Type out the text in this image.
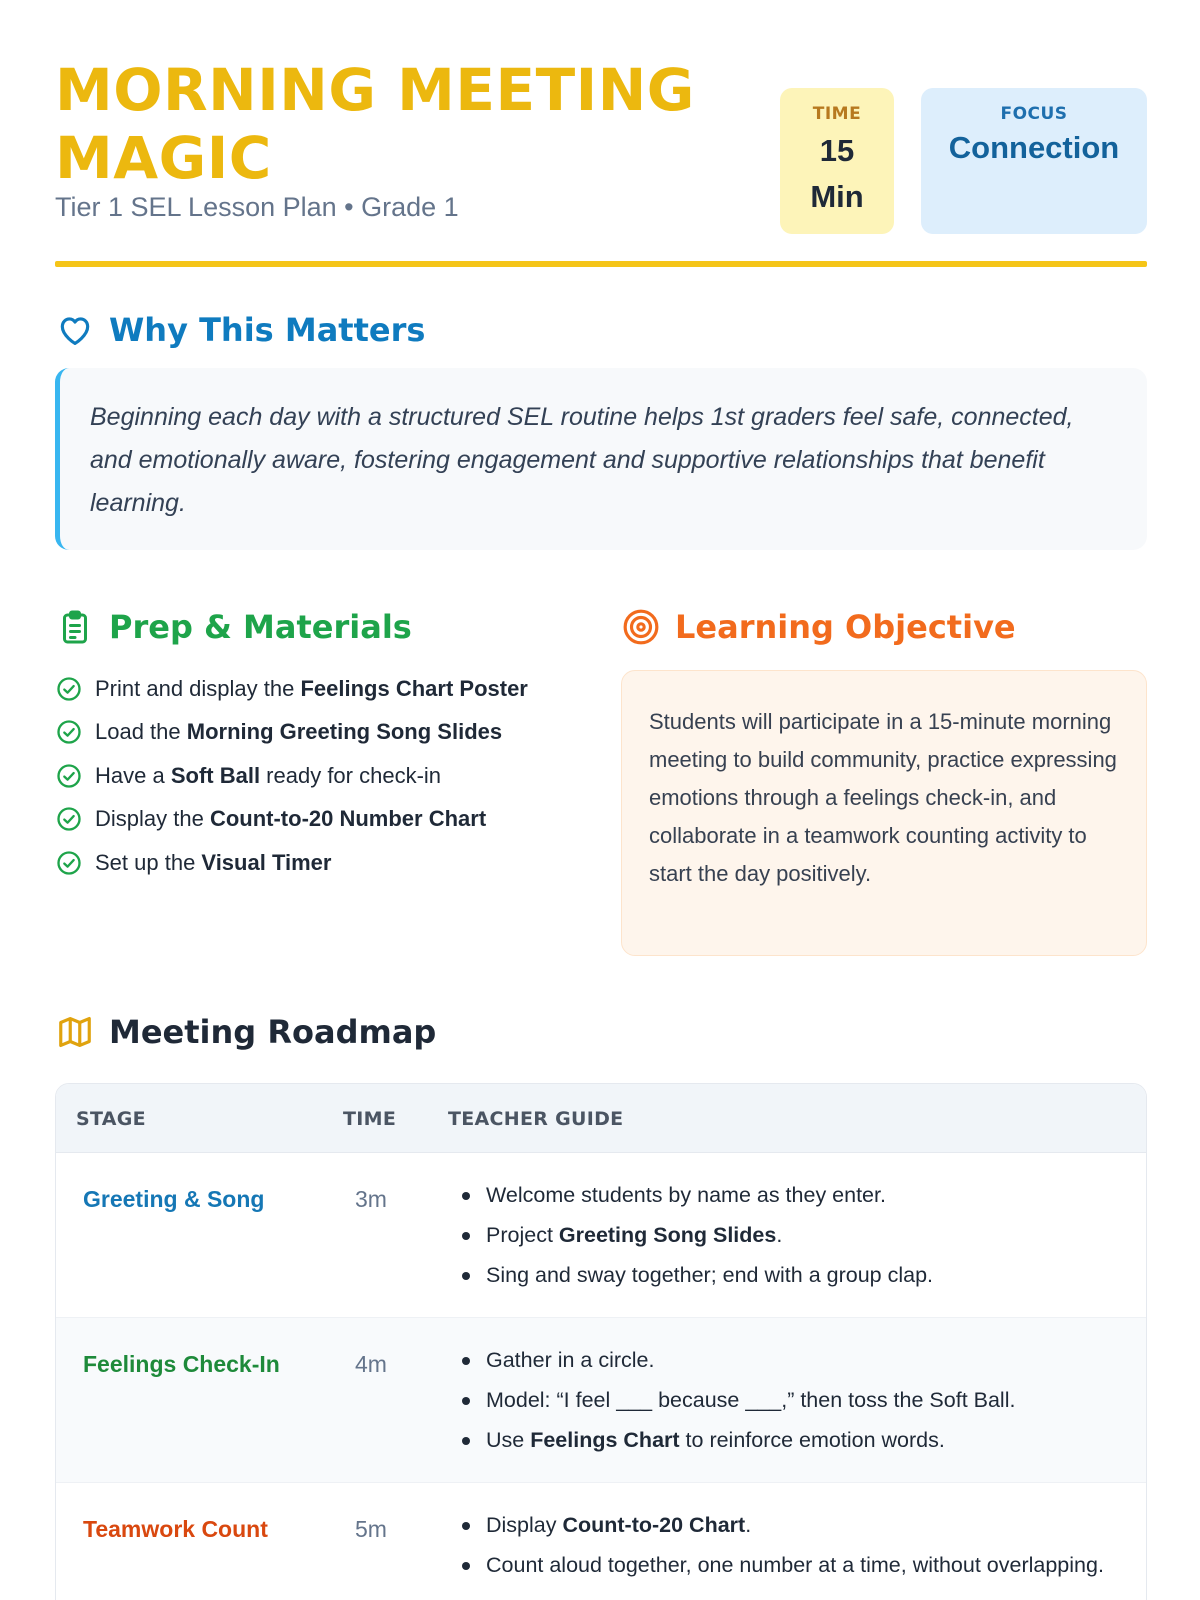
MORNING MEETING MAGIC
Tier 1 SEL Lesson Plan • Grade 1
TIME
15
Min
FOCUS
Connection
Why This Matters

Beginning each day with a structured SEL routine helps 1st graders feel safe, connected, and emotionally aware, fostering engagement and supportive relationships that benefit learning.

Prep & Materials
Print and display the Feelings Chart Poster
Load the Morning Greeting Song Slides
Have a Soft Ball ready for check-in
Display the Count-to-20 Number Chart
Set up the Visual Timer
Learning Objective

Students will participate in a 15-minute morning meeting to build community, practice expressing emotions through a feelings check-in, and collaborate in a teamwork counting activity to start the day positively.

Meeting Roadmap
STAGE	TIME	TEACHER GUIDE
Greeting & Song	3m	Welcome students by name as they enter.
Project Greeting Song Slides.
Sing and sway together; end with a group clap.
Feelings Check-In	4m	Gather in a circle.
Model: “I feel ___ because ___,” then toss the Soft Ball.
Use Feelings Chart to reinforce emotion words.
Teamwork Count	5m	Display Count-to-20 Chart.
Count aloud together, one number at a time, without overlapping.
